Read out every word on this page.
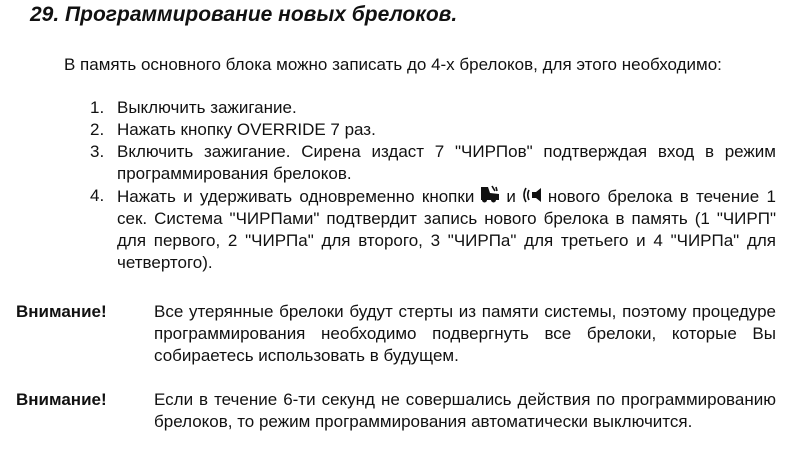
29. Программирование новых брелоков.

В память основного блока можно записать до 4-х брелоков, для этого необходимо:

1. Выключить зажигание.
2. Нажать кнопку OVERRIDE 7 раз.
3. Включить зажигание. Сирена издаст 7 "ЧИРПов" подтверждая вход в режим программирования брелоков.
4. Нажать и удерживать одновременно кнопки и нового брелока в течение 1 сек. Система "ЧИРПами" подтвердит запись нового брелока в память (1 "ЧИРП" для первого, 2 "ЧИРПа" для второго, 3 "ЧИРПа" для третьего и 4 "ЧИРПа" для четвертого).
Внимание!	Все утерянные брелоки будут стерты из памяти системы, поэтому процедуре программирования необходимо подвергнуть все брелоки, которые Вы собираетесь использовать в будущем.
Внимание!	Если в течение 6-ти секунд не совершались действия по программированию брелоков, то режим программирования автоматически выключится.
